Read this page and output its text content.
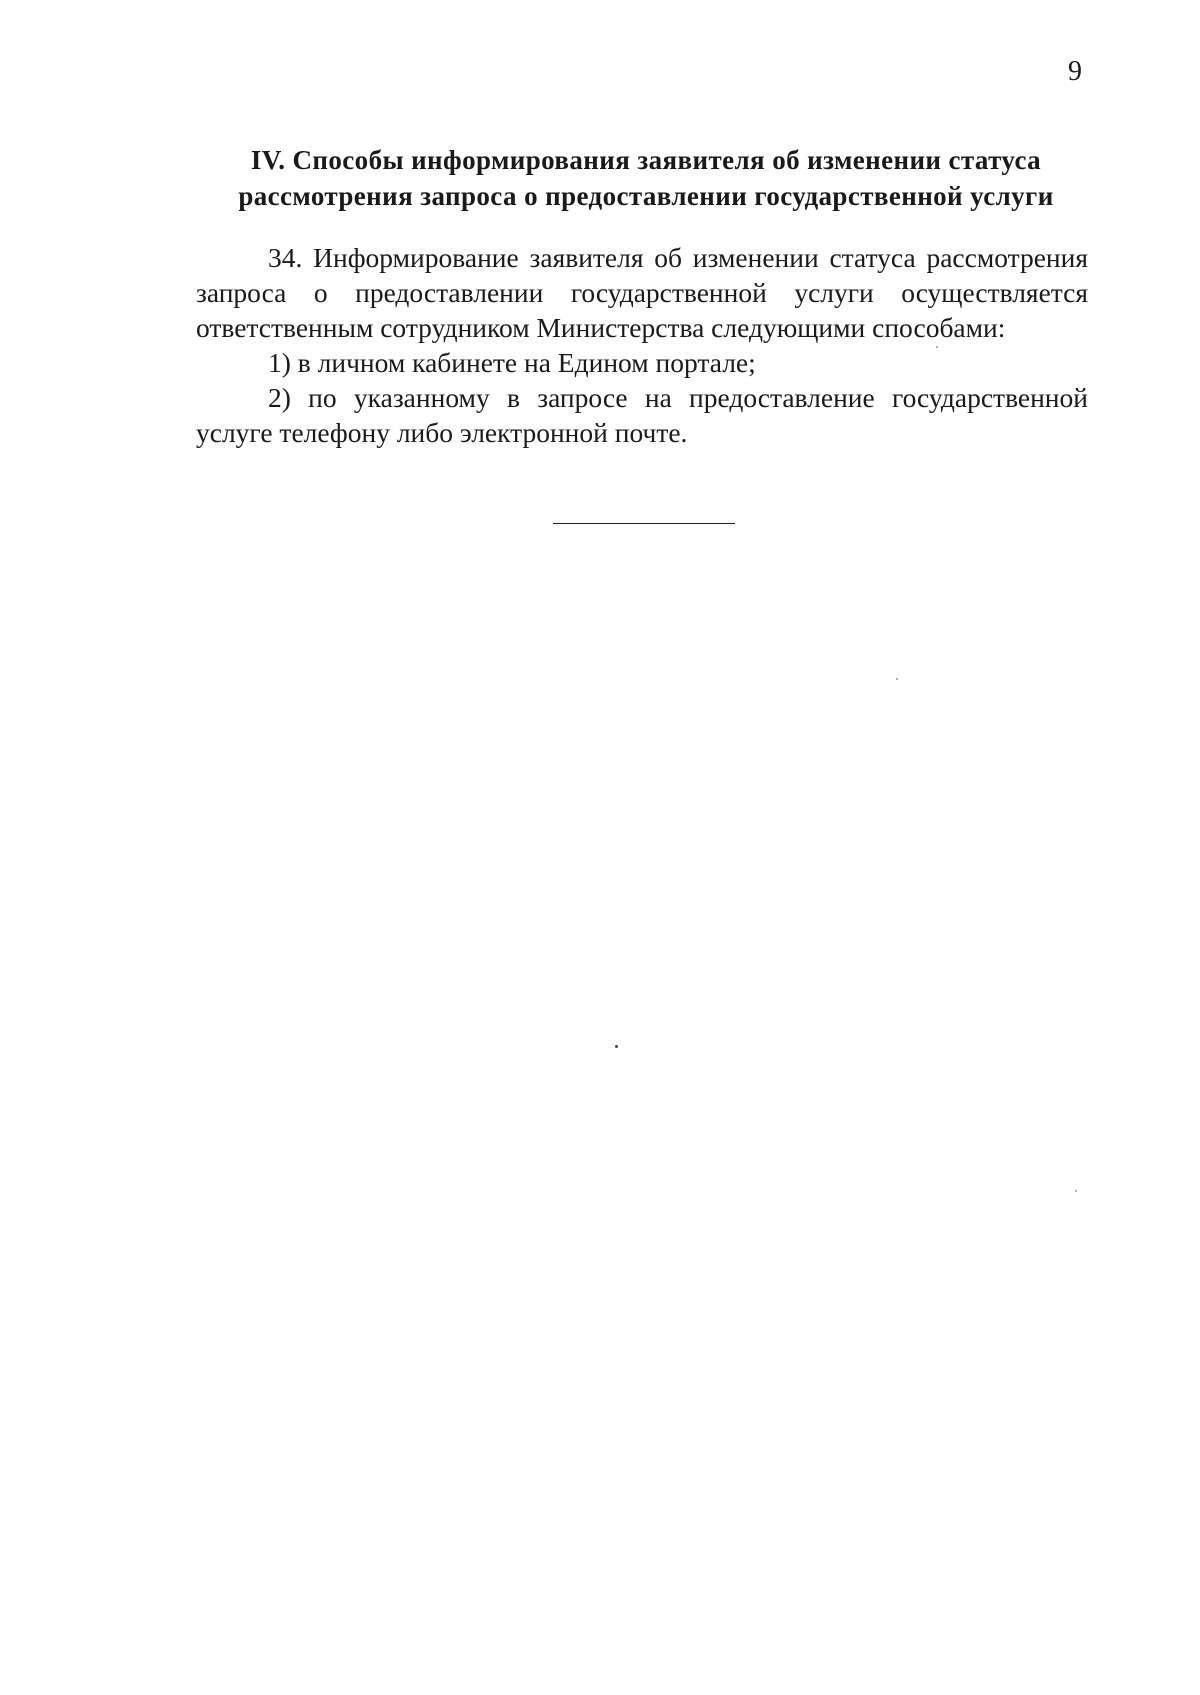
9
IV. Способы информирования заявителя об изменении статуса
рассмотрения запроса о предоставлении государственной услуги

34. Информирование заявителя об изменении статуса рассмотрения запроса о предоставлении государственной услуги осуществляется ответственным сотрудником Министерства следующими способами:

1) в личном кабинете на Едином портале;

2) по указанному в запросе на предоставление государственной услуге телефону либо электронной почте.
